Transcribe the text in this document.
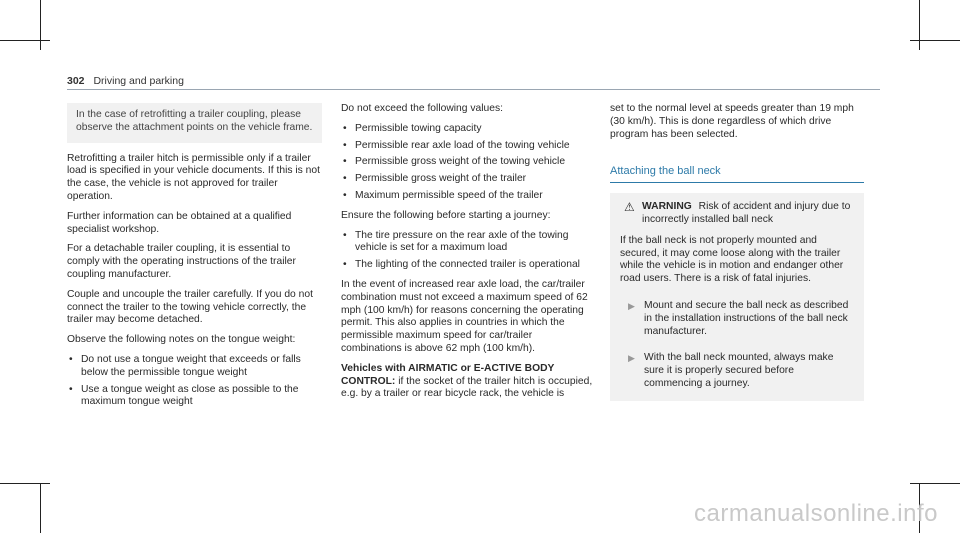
302 Driving and parking
In the case of retrofitting a trailer coupling, please observe the attachment points on the vehicle frame.

Retrofitting a trailer hitch is permissible only if a trailer load is specified in your vehicle documents. If this is not the case, the vehicle is not approved for trailer operation.

Further information can be obtained at a qualified specialist workshop.

For a detachable trailer coupling, it is essential to comply with the operating instructions of the trailer coupling manufacturer.

Couple and uncouple the trailer carefully. If you do not connect the trailer to the towing vehicle correctly, the trailer may become detached.

Observe the following notes on the tongue weight:

• Do not use a tongue weight that exceeds or falls below the permissible tongue weight
• Use a tongue weight as close as possible to the maximum tongue weight

Do not exceed the following values:

• Permissible towing capacity
• Permissible rear axle load of the towing vehicle
• Permissible gross weight of the towing vehicle
• Permissible gross weight of the trailer
• Maximum permissible speed of the trailer

Ensure the following before starting a journey:

• The tire pressure on the rear axle of the towing vehicle is set for a maximum load
• The lighting of the connected trailer is operational

In the event of increased rear axle load, the car/trailer combination must not exceed a maximum speed of 62 mph (100 km/h) for reasons concerning the operating permit. This also applies in countries in which the permissible maximum speed for car/trailer combinations is above 62 mph (100 km/h).

Vehicles with AIRMATIC or E-ACTIVE BODY CONTROL: if the socket of the trailer hitch is occupied, e.g. by a trailer or rear bicycle rack, the vehicle is

set to the normal level at speeds greater than 19 mph (30 km/h). This is done regardless of which drive program has been selected.

Attaching the ball neck
⚠ WARNING Risk of accident and injury due to incorrectly installed ball neck
If the ball neck is not properly mounted and secured, it may come loose along with the trailer while the vehicle is in motion and endanger other road users. There is a risk of fatal injuries.
▶ Mount and secure the ball neck as described in the installation instructions of the ball neck manufacturer.
▶ With the ball neck mounted, always make sure it is properly secured before commencing a journey.
carmanualsonline.info
